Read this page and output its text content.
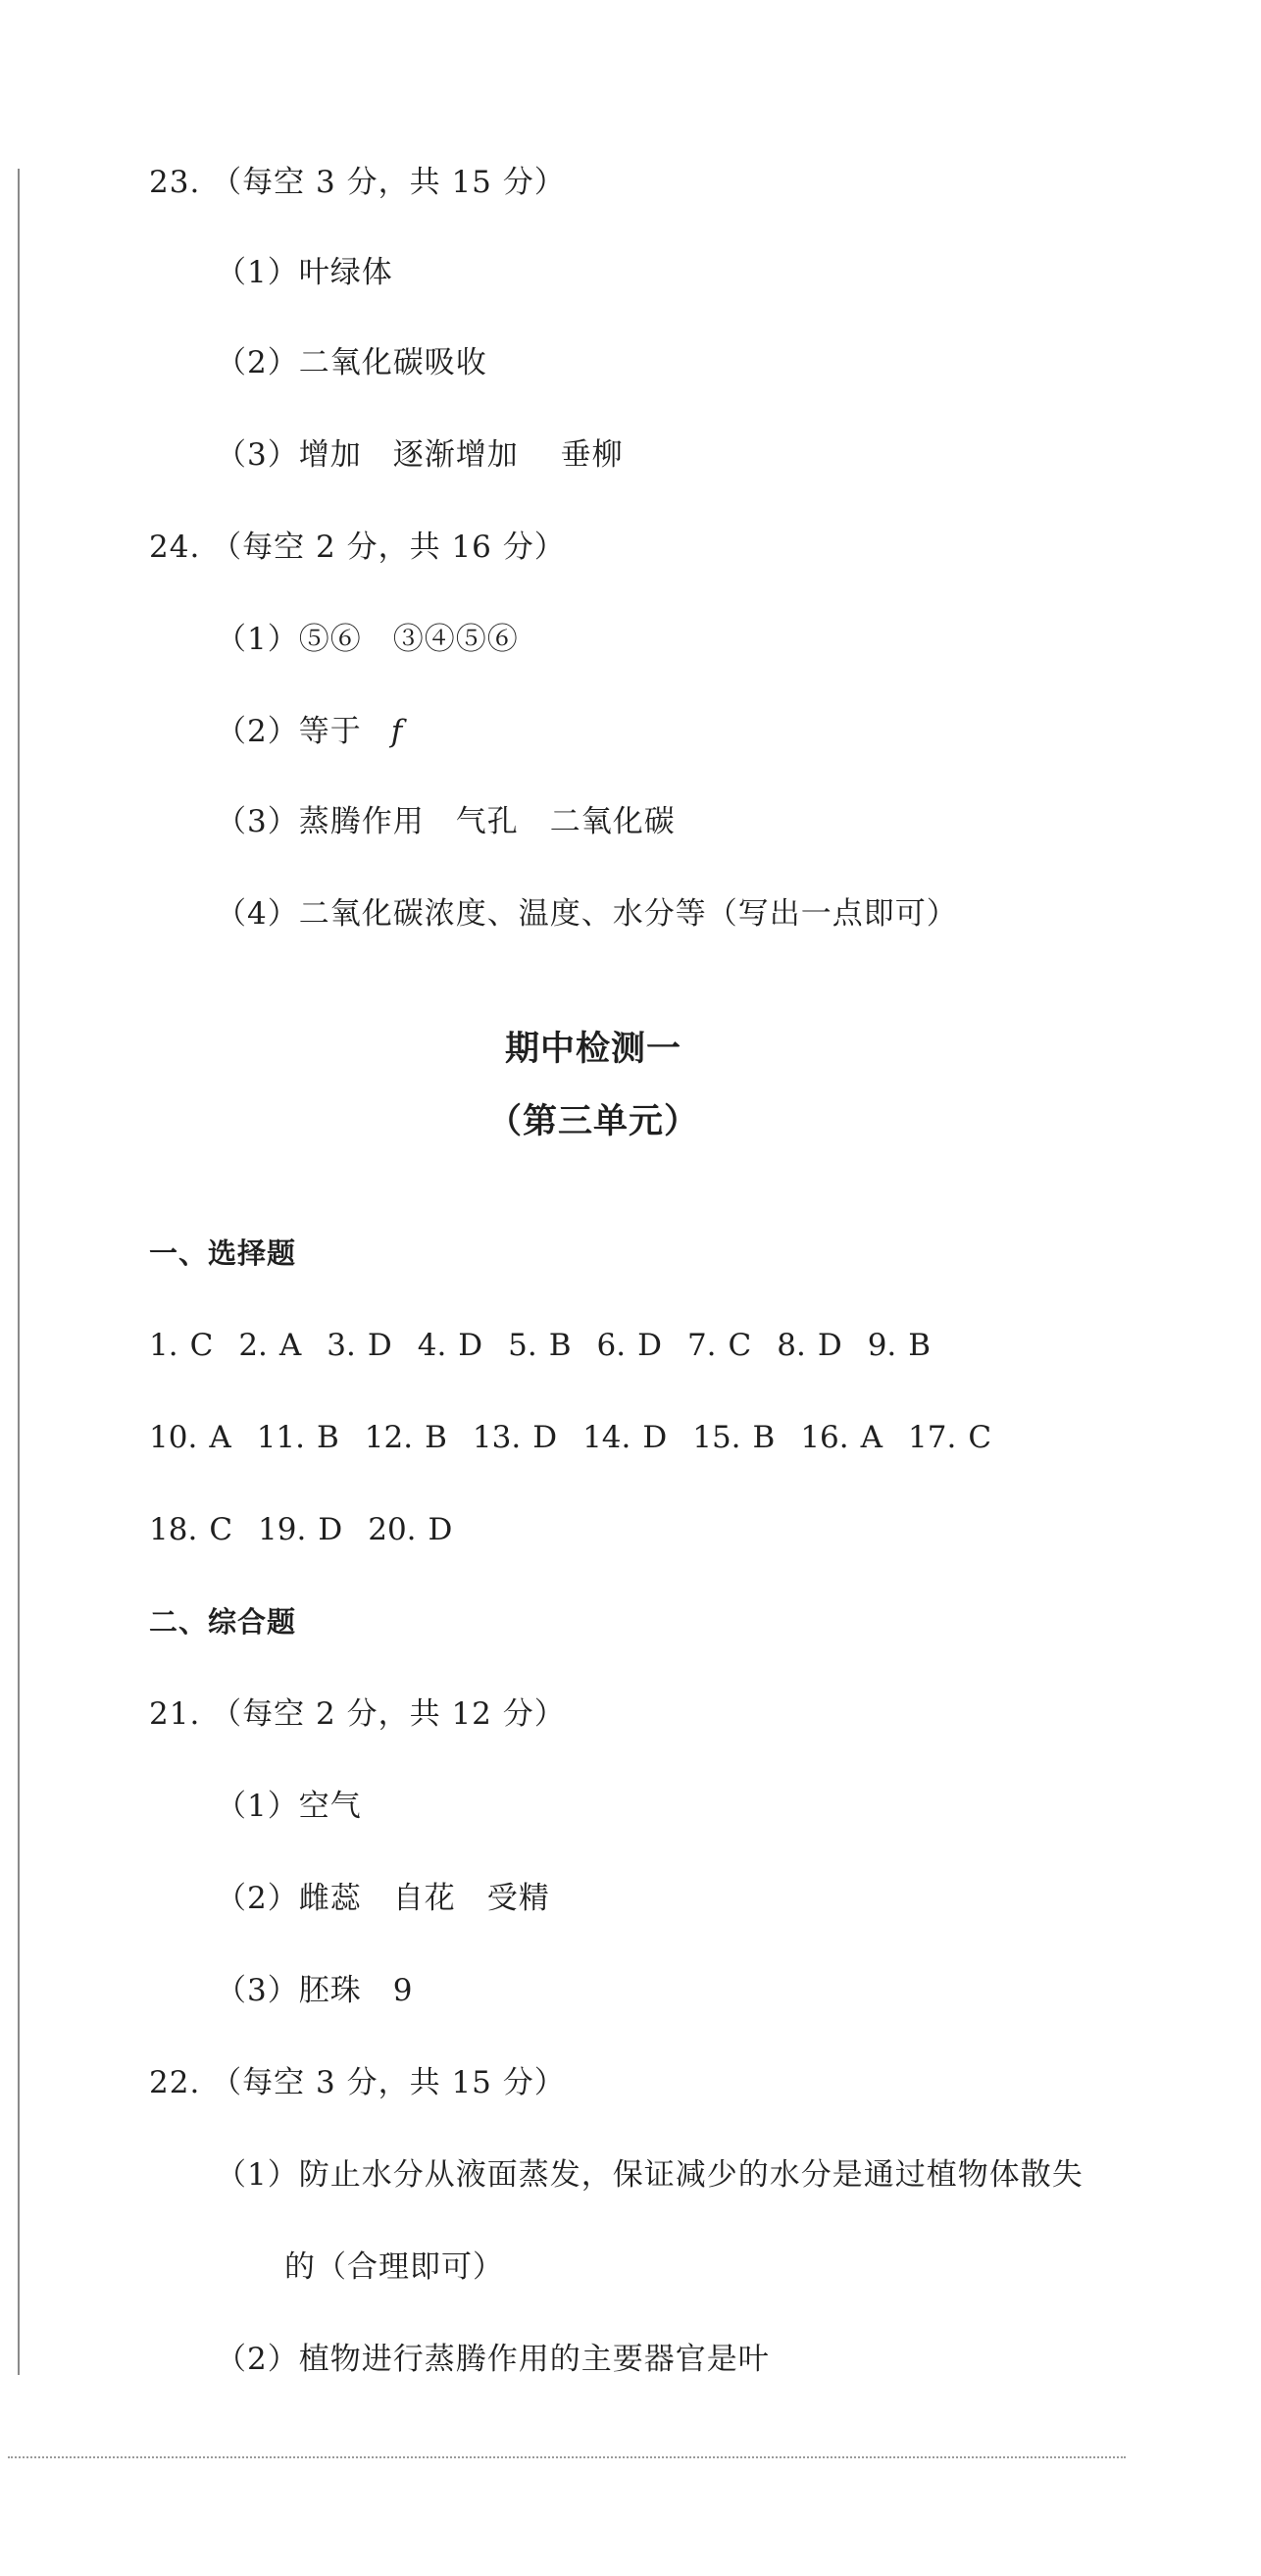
23. （每空 3 分，共 15 分）
（1）叶绿体
（2）二氧化碳吸收
（3）增加　逐渐增加　 垂柳
24. （每空 2 分，共 16 分）
（1）⑤⑥　③④⑤⑥
（2）等于 f
（3）蒸腾作用　气孔　二氧化碳
（4）二氧化碳浓度、温度、水分等（写出一点即可）
期中检测一
（第三单元）
一、选择题
1. C 2. A 3. D 4. D 5. B 6. D 7. C 8. D 9. B
10. A 11. B 12. B 13. D 14. D 15. B 16. A 17. C
18. C 19. D 20. D
二、综合题
21. （每空 2 分，共 12 分）
（1）空气
（2）雌蕊　自花　受精
（3）胚珠　9
22. （每空 3 分，共 15 分）
（1）防止水分从液面蒸发，保证减少的水分是通过植物体散失
的（合理即可）
（2）植物进行蒸腾作用的主要器官是叶
